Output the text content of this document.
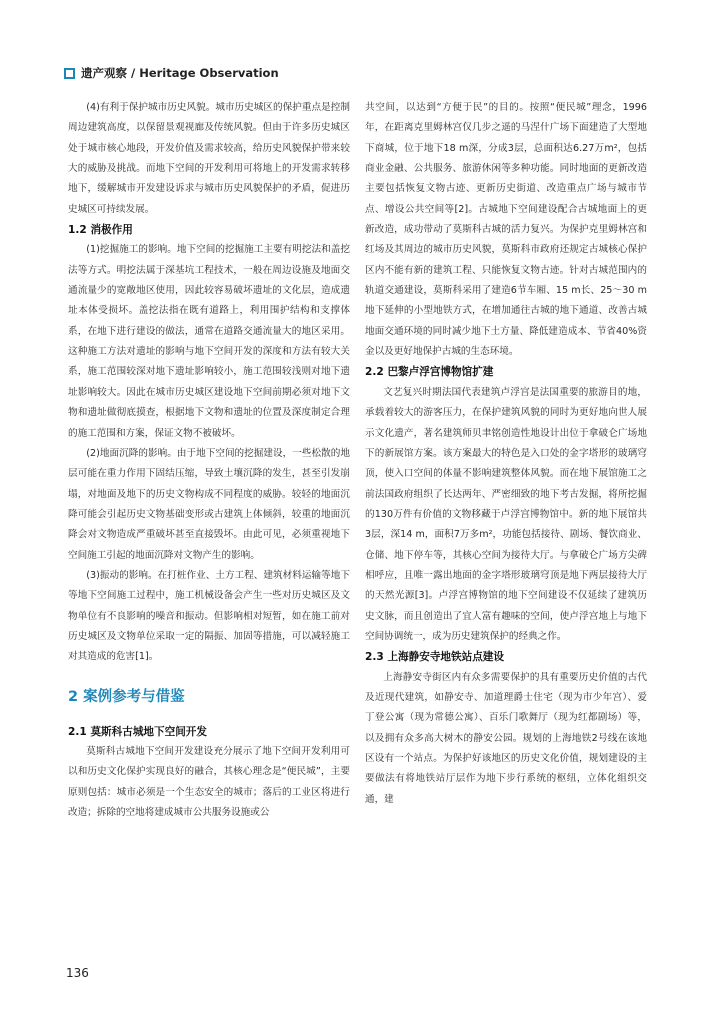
遗产观察 / Heritage Observation

(4)有利于保护城市历史风貌。城市历史城区的保护重点是控制周边建筑高度，以保留景观视廊及传统风貌。但由于许多历史城区处于城市核心地段，开发价值及需求较高，给历史风貌保护带来较大的威胁及挑战。而地下空间的开发利用可将地上的开发需求转移地下，缓解城市开发建设诉求与城市历史风貌保护的矛盾，促进历史城区可持续发展。

1.2 消极作用

(1)挖掘施工的影响。地下空间的挖掘施工主要有明挖法和盖挖法等方式。明挖法属于深基坑工程技术，一般在周边设施及地面交通流量少的宽敞地区使用，因此较容易破坏遗址的文化层，造成遗址本体受损坏。盖挖法指在既有道路上，利用围护结构和支撑体系，在地下进行建设的做法，通常在道路交通流量大的地区采用。这种施工方法对遗址的影响与地下空间开发的深度和方法有较大关系，施工范围较深对地下遗址影响较小，施工范围较浅则对地下遗址影响较大。因此在城市历史城区建设地下空间前期必须对地下文物和遗址做彻底摸查，根据地下文物和遗址的位置及深度制定合理的施工范围和方案，保证文物不被破坏。

(2)地面沉降的影响。由于地下空间的挖掘建设，一些松散的地层可能在重力作用下固结压缩，导致土壤沉降的发生，甚至引发崩塌，对地面及地下的历史文物构成不同程度的威胁。较轻的地面沉降可能会引起历史文物基础变形或古建筑上体倾斜，较重的地面沉降会对文物造成严重破坏甚至直接毁坏。由此可见，必须重视地下空间施工引起的地面沉降对文物产生的影响。

(3)振动的影响。在打桩作业、土方工程、建筑材料运输等地下等地下空间施工过程中，施工机械设备会产生一些对历史城区及文物单位有不良影响的噪音和振动。但影响相对短暂，如在施工前对历史城区及文物单位采取一定的隔振、加固等措施，可以减轻施工对其造成的危害[1]。

2 案例参考与借鉴
2.1 莫斯科古城地下空间开发

莫斯科古城地下空间开发建设充分展示了地下空间开发利用可以和历史文化保护实现良好的融合，其核心理念是“便民城”，主要原则包括：城市必须是一个生态安全的城市；落后的工业区将进行改造；拆除的空地将建成城市公共服务设施或公

共空间，以达到“方便于民”的目的。按照“便民城”理念，1996年，在距离克里姆林宫仅几步之遥的马涅什广场下面建造了大型地下商城，位于地下18 m深，分成3层，总面积达6.27万m²，包括商业金融、公共服务、旅游休闲等多种功能。同时地面的更新改造主要包括恢复文物古迹、更新历史街道、改造重点广场与城市节点、增设公共空间等[2]。古城地下空间建设配合古城地面上的更新改造，成功带动了莫斯科古城的活力复兴。为保护克里姆林宫和红场及其周边的城市历史风貌，莫斯科市政府还规定古城核心保护区内不能有新的建筑工程、只能恢复文物古迹。针对古城范围内的轨道交通建设，莫斯科采用了建造6节车厢、15 m长、25～30 m地下延伸的小型地铁方式，在增加通往古城的地下通道、改善古城地面交通环境的同时减少地下土方量、降低建造成本、节省40%资金以及更好地保护古城的生态环境。

2.2 巴黎卢浮宫博物馆扩建

文艺复兴时期法国代表建筑卢浮宫是法国重要的旅游目的地，承载着较大的游客压力，在保护建筑风貌的同时为更好地向世人展示文化遗产，著名建筑师贝聿铭创造性地设计出位于拿破仑广场地下的新展馆方案。该方案最大的特色是入口处的金字塔形的玻璃穹顶，使入口空间的体量不影响建筑整体风貌。而在地下展馆施工之前法国政府组织了长达两年、严密细致的地下考古发掘，将所挖掘的130万件有价值的文物移藏于卢浮宫博物馆中。新的地下展馆共3层，深14 m，面积7万多m²，功能包括接待、剧场、餐饮商业、仓储、地下停车等，其核心空间为接待大厅。与拿破仑广场方尖碑相呼应，且唯一露出地面的金字塔形玻璃穹顶是地下两层接待大厅的天然光源[3]。卢浮宫博物馆的地下空间建设不仅延续了建筑历史文脉，而且创造出了宜人富有趣味的空间，使卢浮宫地上与地下空间协调统一，成为历史建筑保护的经典之作。

2.3 上海静安寺地铁站点建设

上海静安寺街区内有众多需要保护的具有重要历史价值的古代及近现代建筑，如静安寺、加道理爵士住宅（现为市少年宫）、爱丁登公寓（现为常德公寓）、百乐门歌舞厅（现为红都剧场）等，以及拥有众多高大树木的静安公园。规划的上海地铁2号线在该地区设有一个站点。为保护好该地区的历史文化价值，规划建设的主要做法有将地铁站厅层作为地下步行系统的枢纽，立体化组织交通，建

136
